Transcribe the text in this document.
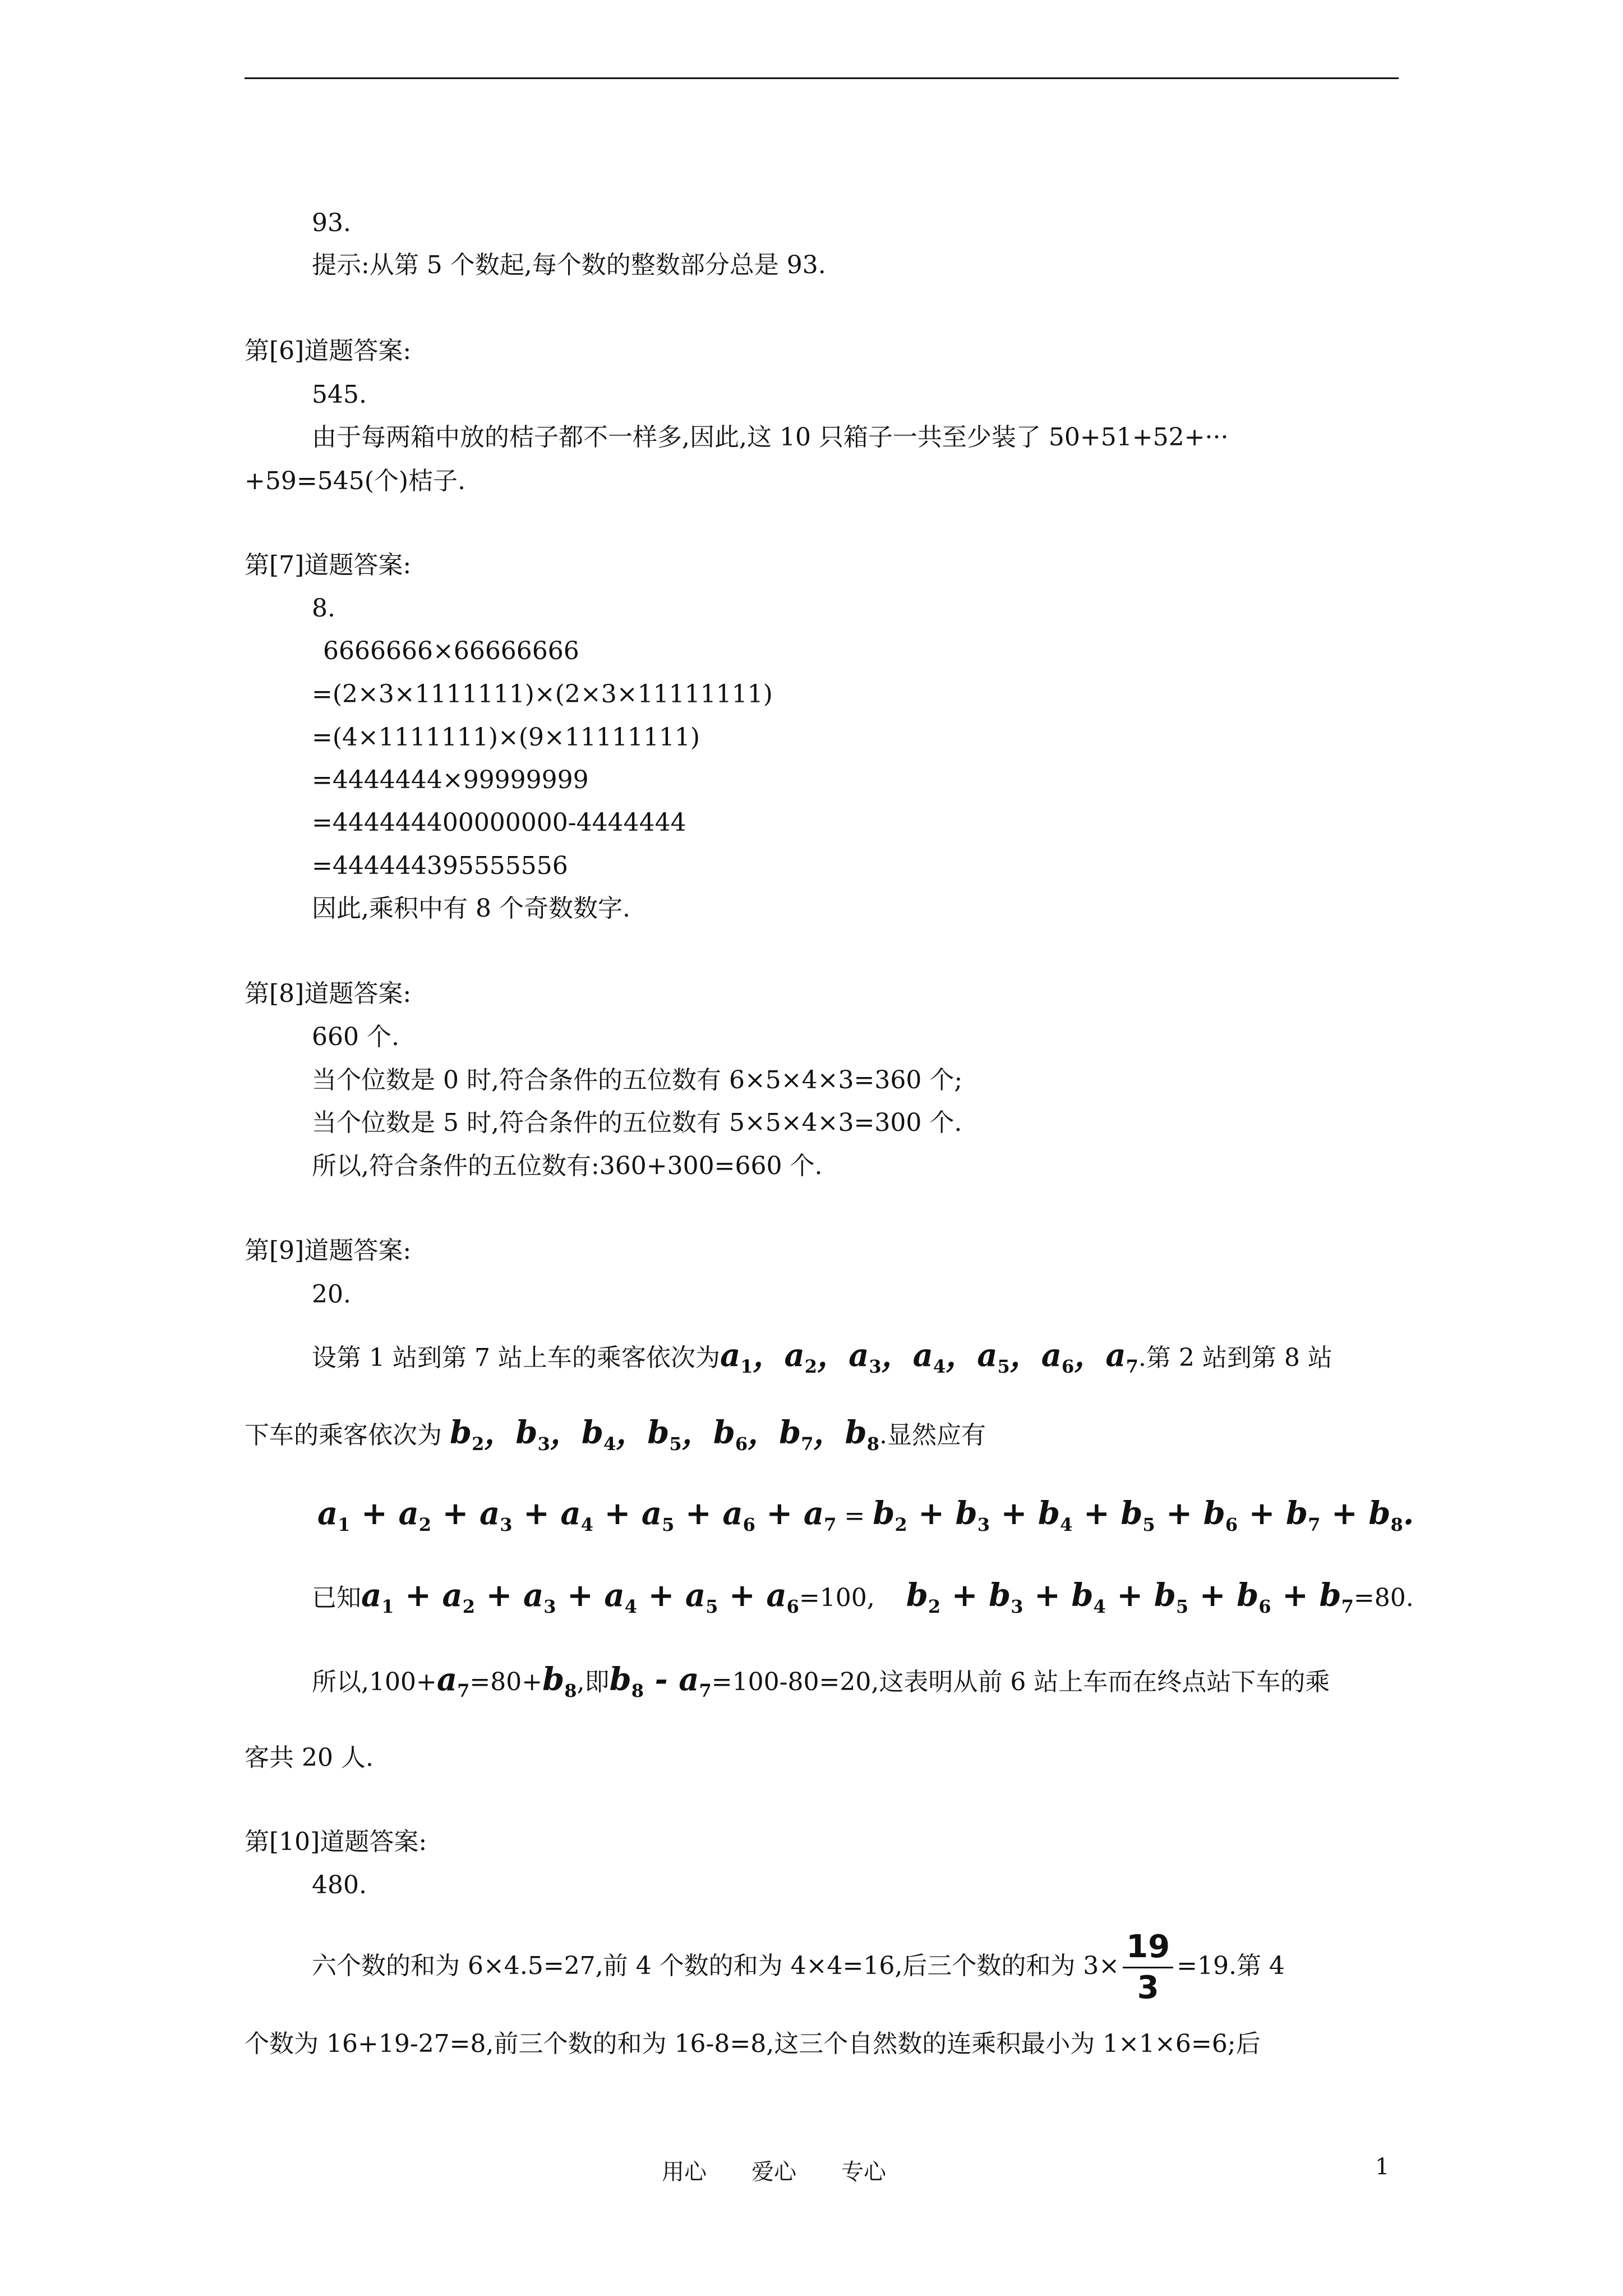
93.
提示:从第 5 个数起,每个数的整数部分总是 93.
第[6]道题答案:
545.
由于每两箱中放的桔子都不一样多,因此,这 10 只箱子一共至少装了 50+51+52+···
+59=545(个)桔子.
第[7]道题答案:
8.
6666666×66666666
=(2×3×1111111)×(2×3×11111111)
=(4×1111111)×(9×11111111)
=4444444×99999999
=444444400000000-4444444
=444444395555556
因此,乘积中有 8 个奇数数字.
第[8]道题答案:
660 个.
当个位数是 0 时,符合条件的五位数有 6×5×4×3=360 个;
当个位数是 5 时,符合条件的五位数有 5×5×4×3=300 个.
所以,符合条件的五位数有:360+300=660 个.
第[9]道题答案:
20.
设第 1 站到第 7 站上车的乘客依次为$a_1$，$a_2$，$a_3$，$a_4$，$a_5$，$a_6$，$a_7$.第 2 站到第 8 站
下车的乘客依次为 $b_2$，$b_3$，$b_4$，$b_5$，$b_6$，$b_7$，$b_8$.显然应有
$a_1 + a_2 + a_3 + a_4 + a_5 + a_6 + a_7 = b_2 + b_3 + b_4 + b_5 + b_6 + b_7 + b_8$.
已知$a_1 + a_2 + a_3 + a_4 + a_5 + a_6=100$, $b_2 + b_3 + b_4 + b_5 + b_6 + b_7=80$.
所以$,100+a_7=80+b_8$,即$b_8 - a_7=100-80=20$,这表明从前 6 站上车而在终点站下车的乘
客共 20 人.
第[10]道题答案:
480.
六个数的和为 6×4.5=27,前 4 个数的和为 4×4=16,后三个数的和为 $3\times \frac{19}{3} =19$.第 4
个数为 16+19-27=8,前三个数的和为 16-8=8,这三个自然数的连乘积最小为 1×1×6=6;后
用心　　爱心　　专心	1
